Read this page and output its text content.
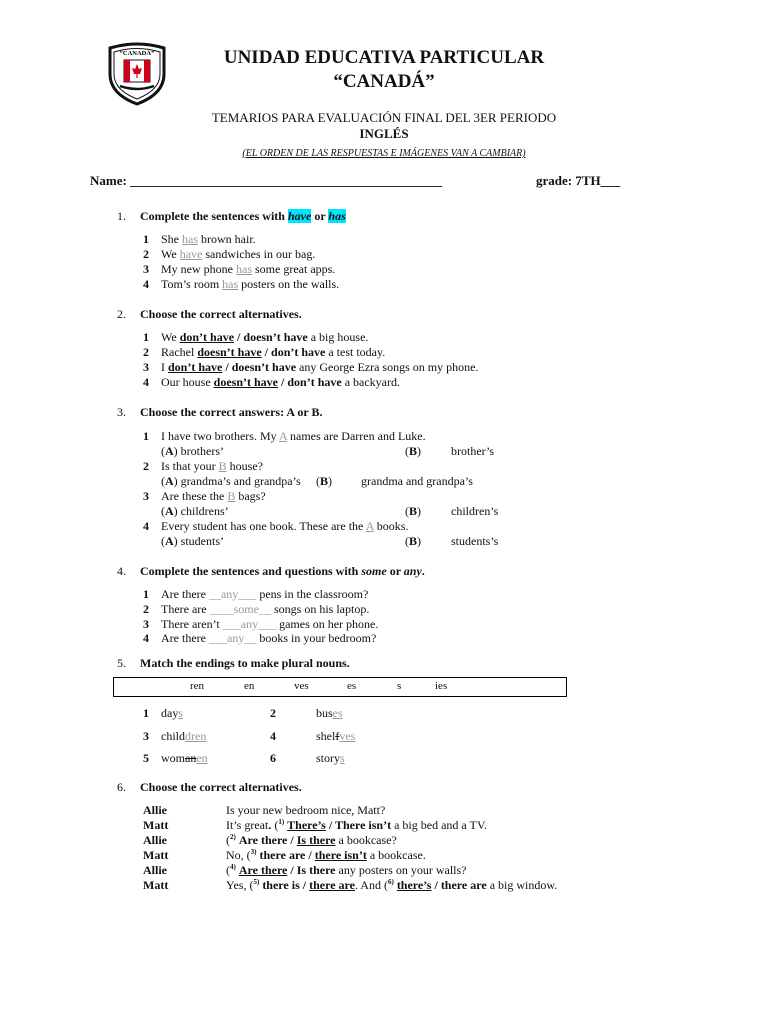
“CANADÁ”	UNIDAD EDUCATIVA PARTICULAR
“CANADÁ”
TEMARIOS PARA EVALUACIÓN FINAL DEL 3ER PERIODO
INGLÉS
(EL ORDEN DE LAS RESPUESTAS E IMÁGENES VAN A CAMBIAR)
Name: ________________________________________________	grade: 7TH___
1. Complete the sentences with have or has
1 She has brown hair.
2 We have sandwiches in our bag.
3 My new phone has some great apps.
4 Tom’s room has posters on the walls.
2. Choose the correct alternatives.
1 We don’t have / doesn’t have a big house.
2 Rachel doesn’t have / don’t have a test today.
3 I don’t have / doesn’t have any George Ezra songs on my phone.
4 Our house doesn’t have / don’t have a backyard.
3. Choose the correct answers: A or B.
1 I have two brothers. My A names are Darren and Luke.
(A) brothers’	(B) brother’s
2 Is that your B house?
(A) grandma’s and grandpa’s (B) grandma and grandpa’s
3 Are these the B bags?
(A) childrens’	(B) children’s
4 Every student has one book. These are the A books.
(A) students’	(B) students’s
4. Complete the sentences and questions with some or any.
1 Are there __any___ pens in the classroom?
2 There are ____some__ songs on his laptop.
3 There aren’t ___any___ games on her phone.
4 Are there ___any__ books in your bedroom?
5. Match the endings to make plural nouns.
ren	en	ves	es	s	ies
1 days	2	buses
3 childdren	4	shelfves
5 womanen	6	storys
6. Choose the correct alternatives.
Allie	Is your new bedroom nice, Matt?
Matt	It’s great. ($^{1)}$ There’s / There isn’t a big bed and a TV.
Allie	($^{2)}$ Are there / Is there a bookcase?
Matt	No, ($^{3)}$ there are / there isn’t a bookcase.
Allie	($^{4)}$ Are there / Is there any posters on your walls?
Matt	Yes, ($^{5)}$ there is / there are. And ($^{6)}$ there’s / there are a big window.
